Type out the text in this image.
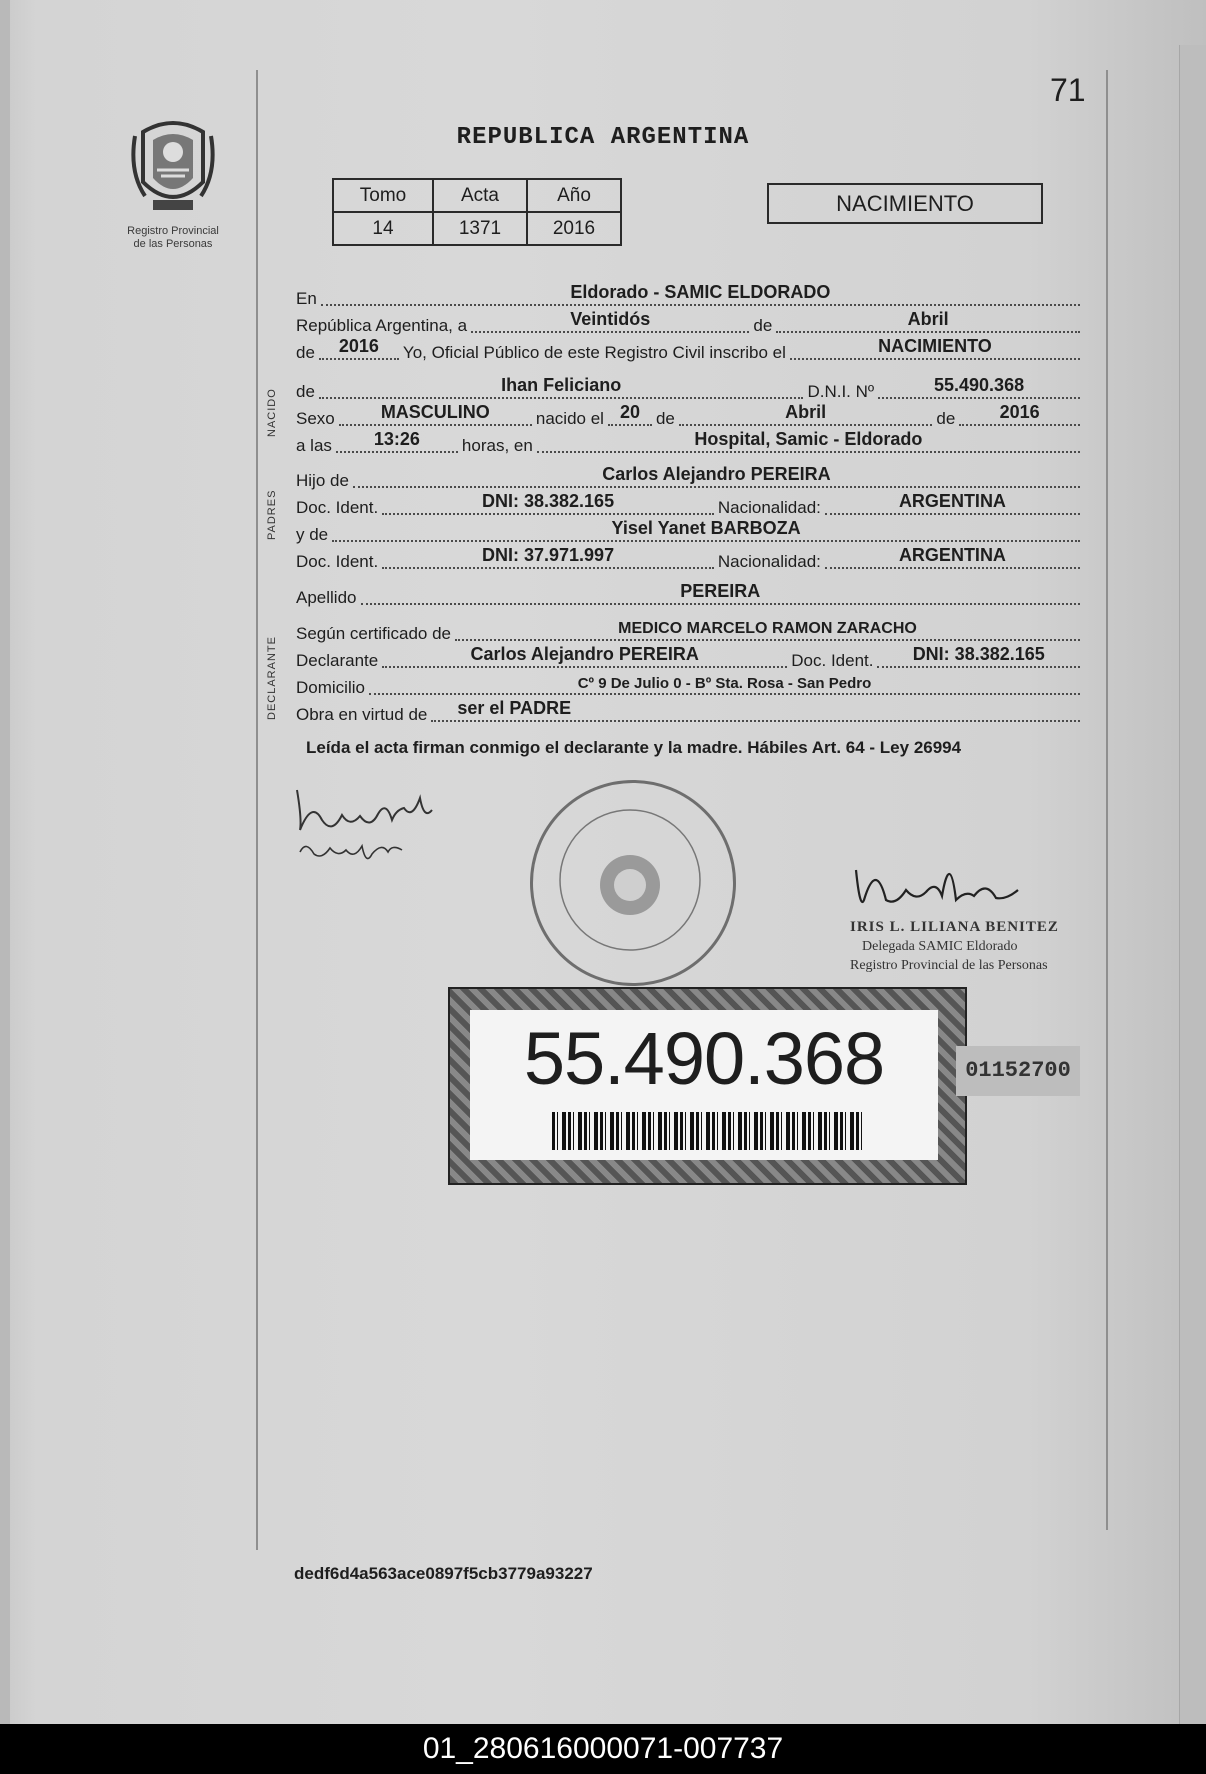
71
REPUBLICA ARGENTINA
Registro Provincial
de las Personas
Tomo	Acta	Año
14	1371	2016
NACIMIENTO
NACIDO
PADRES
DECLARANTE
En	Eldorado - SAMIC ELDORADO
República Argentina, a	Veintidós	de	Abril
de	2016	Yo, Oficial Público de este Registro Civil inscribo el	NACIMIENTO
de	Ihan Feliciano	D.N.I. Nº	55.490.368
Sexo	MASCULINO	nacido el 20 de	Abril	de	2016
a las	13:26	horas, en	Hospital, Samic - Eldorado
Hijo de	Carlos Alejandro PEREIRA
Doc. Ident.	DNI: 38.382.165	Nacionalidad:	ARGENTINA
y de	Yisel Yanet BARBOZA
Doc. Ident.	DNI: 37.971.997	Nacionalidad:	ARGENTINA
Apellido	PEREIRA
Según certificado de	MEDICO MARCELO RAMON ZARACHO
Declarante	Carlos Alejandro PEREIRA	Doc. Ident.	DNI: 38.382.165
Domicilio	Cº 9 De Julio 0 - Bº Sta. Rosa - San Pedro
Obra en virtud de	ser el PADRE
Leída el acta firman conmigo el declarante y la madre. Hábiles Art. 64 - Ley 26994
IRIS L. LILIANA BENITEZ
Delegada SAMIC Eldorado
Registro Provincial de las Personas
55.490.368	01152700
dedf6d4a563ace0897f5cb3779a93227
01_280616000071-007737
